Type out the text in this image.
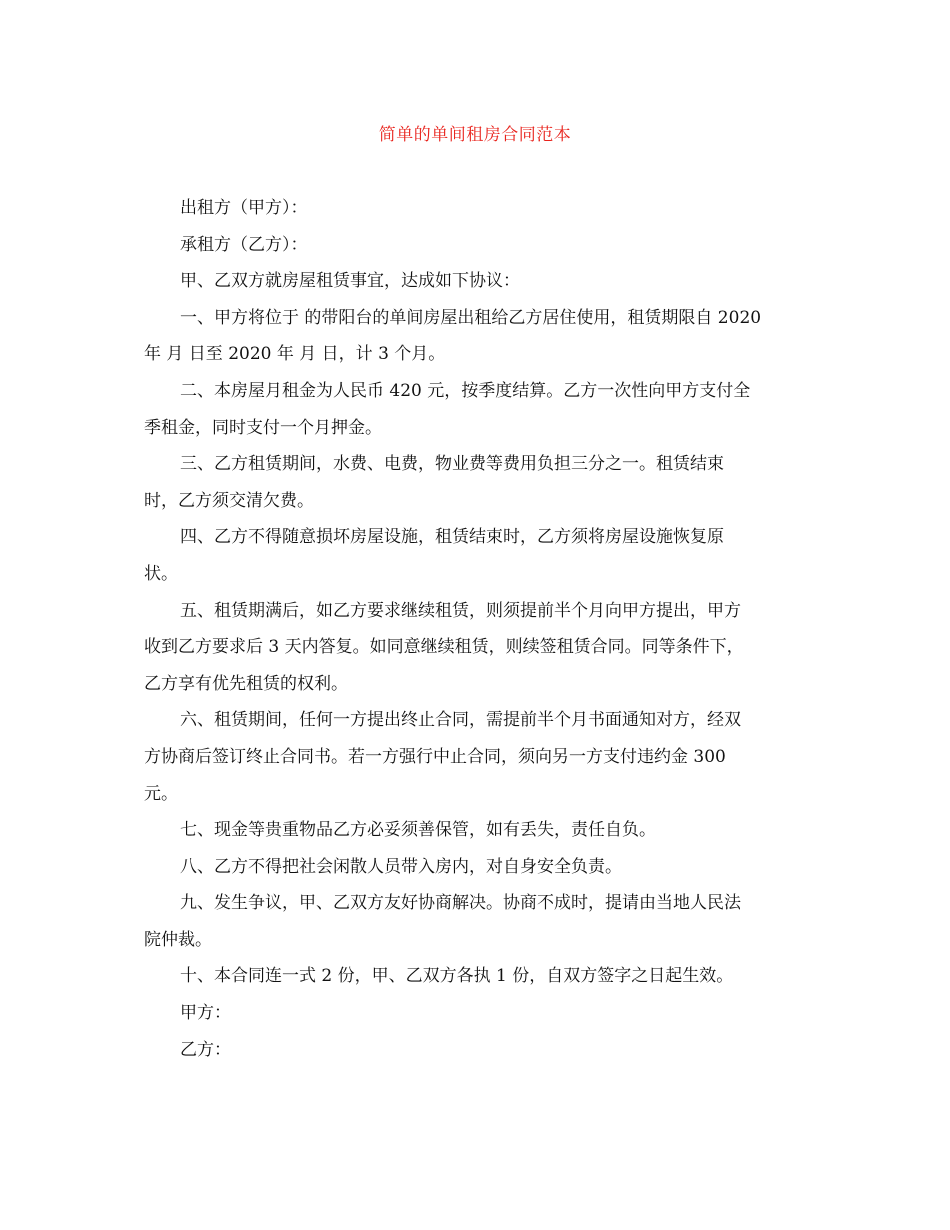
简单的单间租房合同范本

出租方（甲方）：

承租方（乙方）：

甲、乙双方就房屋租赁事宜，达成如下协议：

一、甲方将位于 的带阳台的单间房屋出租给乙方居住使用，租赁期限自 2020
年 月 日至 2020 年 月 日，计 3 个月。

二、本房屋月租金为人民币 420 元，按季度结算。乙方一次性向甲方支付全
季租金，同时支付一个月押金。

三、乙方租赁期间，水费、电费，物业费等费用负担三分之一。租赁结束
时，乙方须交清欠费。

四、乙方不得随意损坏房屋设施，租赁结束时，乙方须将房屋设施恢复原
状。

五、租赁期满后，如乙方要求继续租赁，则须提前半个月向甲方提出，甲方
收到乙方要求后 3 天内答复。如同意继续租赁，则续签租赁合同。同等条件下，
乙方享有优先租赁的权利。

六、租赁期间，任何一方提出终止合同，需提前半个月书面通知对方，经双
方协商后签订终止合同书。若一方强行中止合同，须向另一方支付违约金 300
元。

七、现金等贵重物品乙方必妥须善保管，如有丢失，责任自负。

八、乙方不得把社会闲散人员带入房内，对自身安全负责。

九、发生争议，甲、乙双方友好协商解决。协商不成时，提请由当地人民法
院仲裁。

十、本合同连一式 2 份，甲、乙双方各执 1 份，自双方签字之日起生效。

甲方：

乙方：
